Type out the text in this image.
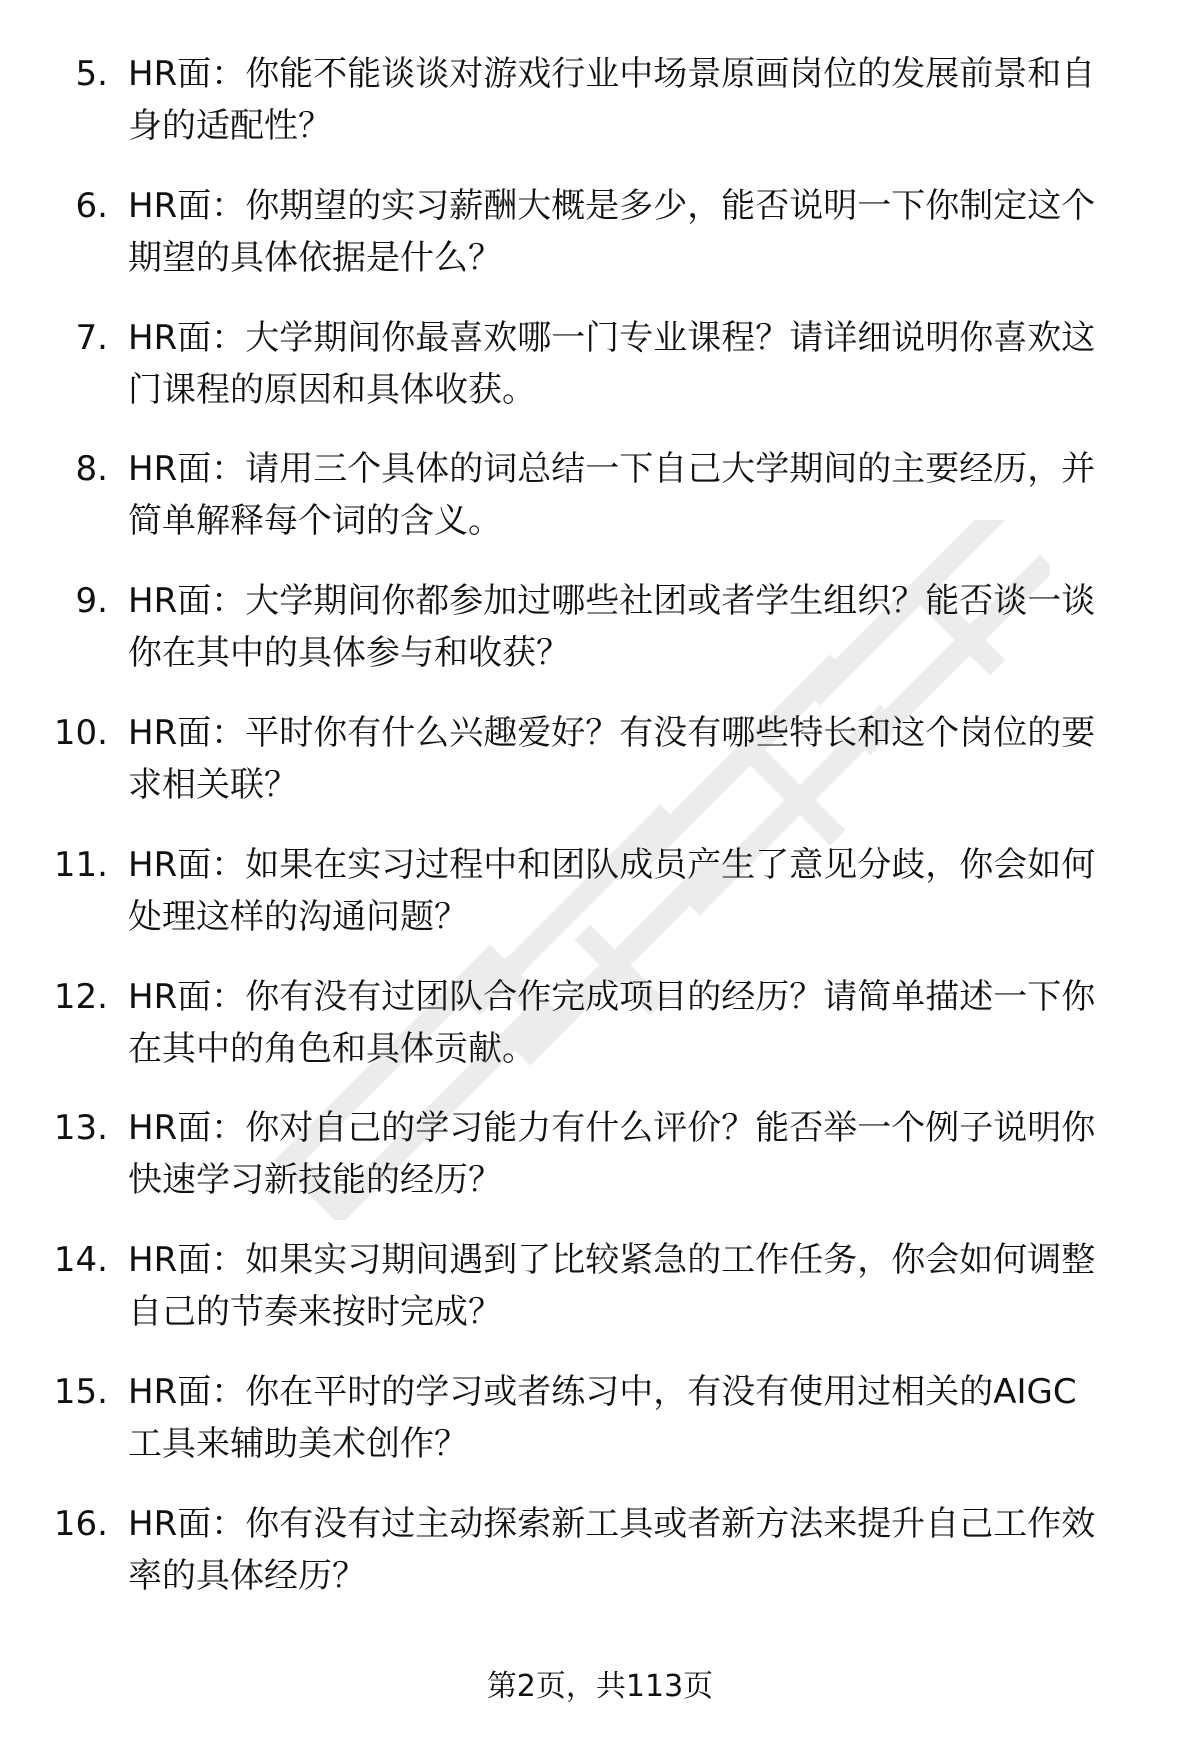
5. HR面：你能不能谈谈对游戏行业中场景原画岗位的发展前景和自
身的适配性？
6. HR面：你期望的实习薪酬大概是多少，能否说明一下你制定这个
期望的具体依据是什么？
7. HR面：大学期间你最喜欢哪一门专业课程？请详细说明你喜欢这
门课程的原因和具体收获。
8. HR面：请用三个具体的词总结一下自己大学期间的主要经历，并
简单解释每个词的含义。
9. HR面：大学期间你都参加过哪些社团或者学生组织？能否谈一谈
你在其中的具体参与和收获？
10. HR面：平时你有什么兴趣爱好？有没有哪些特长和这个岗位的要
求相关联？
11. HR面：如果在实习过程中和团队成员产生了意见分歧，你会如何
处理这样的沟通问题？
12. HR面：你有没有过团队合作完成项目的经历？请简单描述一下你
在其中的角色和具体贡献。
13. HR面：你对自己的学习能力有什么评价？能否举一个例子说明你
快速学习新技能的经历？
14. HR面：如果实习期间遇到了比较紧急的工作任务，你会如何调整
自己的节奏来按时完成？
15. HR面：你在平时的学习或者练习中，有没有使用过相关的AIGC
工具来辅助美术创作？
16. HR面：你有没有过主动探索新工具或者新方法来提升自己工作效
率的具体经历？
第2页，共113页
